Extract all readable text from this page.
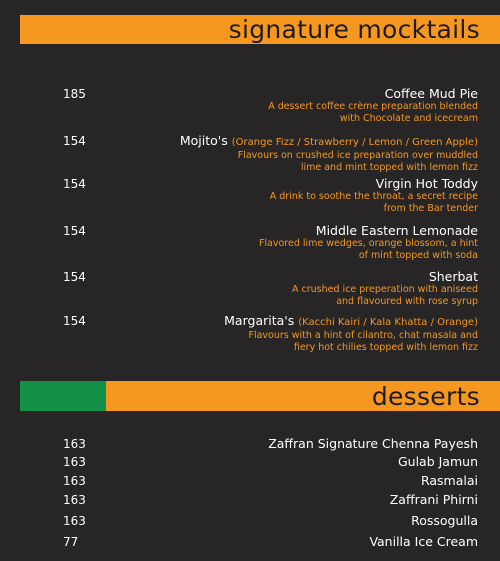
signature mocktails
185	Coffee Mud Pie
A dessert coffee crème preparation blended
with Chocolate and icecream
154	Mojito's (Orange Fizz / Strawberry / Lemon / Green Apple)
Flavours on crushed ice preparation over muddled
lime and mint topped with lemon fizz
154	Virgin Hot Toddy
A drink to soothe the throat, a secret recipe
from the Bar tender
154	Middle Eastern Lemonade
Flavored lime wedges, orange blossom, a hint
of mint topped with soda
154	Sherbat
A crushed ice preperation with aniseed
and flavoured with rose syrup
154	Margarita's (Kacchi Kairi / Kala Khatta / Orange)
Flavours with a hint of cilantro, chat masala and
fiery hot chilies topped with lemon fizz
desserts
163	Zaffran Signature Chenna Payesh
163	Gulab Jamun
163	Rasmalai
163	Zaffrani Phirni
163	Rossogulla
77	Vanilla Ice Cream
